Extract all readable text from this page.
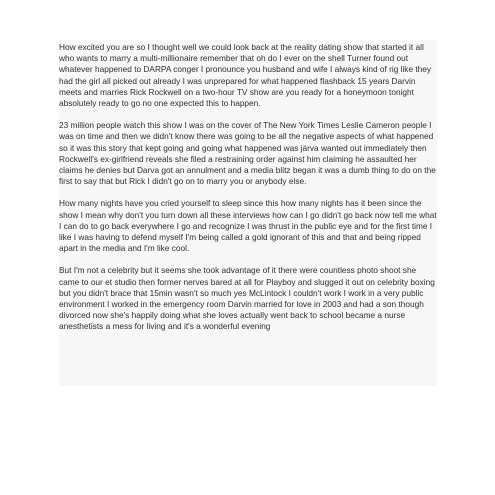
How excited you are so I thought well we could look back at the reality dating show that started it all who wants to marry a multi-millionaire remember that oh do I ever on the shell Turner found out whatever happened to DARPA conger I pronounce you husband and wife I always kind of rig like they had the girl all picked out already I was unprepared for what happened flashback 15 years Darvin meets and marries Rick Rockwell on a two-hour TV show are you ready for a honeymoon tonight absolutely ready to go no one expected this to happen.

23 million people watch this show I was on the cover of The New York Times Leslie Cameron people I was on time and then we didn't know there was going to be all the negative aspects of what happened so it was this story that kept going and going what happened was järva wanted out immediately then Rockwell's ex-girlfriend reveals she filed a restraining order against him claiming he assaulted her claims he denies but Darva got an annulment and a media blitz began it was a dumb thing to do on the first to say that but Rick I didn't go on to marry you or anybody else.

How many nights have you cried yourself to sleep since this how many nights has it been since the show I mean why don't you turn down all these interviews how can I go didn't go back now tell me what I can do to go back everywhere I go and recognize I was thrust in the public eye and for the first time I like I was having to defend myself I'm being called a gold ignorant of this and that and being ripped apart in the media and I'm like cool.

But I'm not a celebrity but it seems she took advantage of it there were countless photo shoot she came to our et studio then former nerves bared at all for Playboy and slugged it out on celebrity boxing but you didn't brace that 15min wasn't so much yes McLintock I couldn't work I work in a very public environment I worked in the emergency room Darvin married for love in 2003 and had a son though divorced now she's happily doing what she loves actually went back to school became a nurse anesthetists a mess for living and it's a wonderful evening
